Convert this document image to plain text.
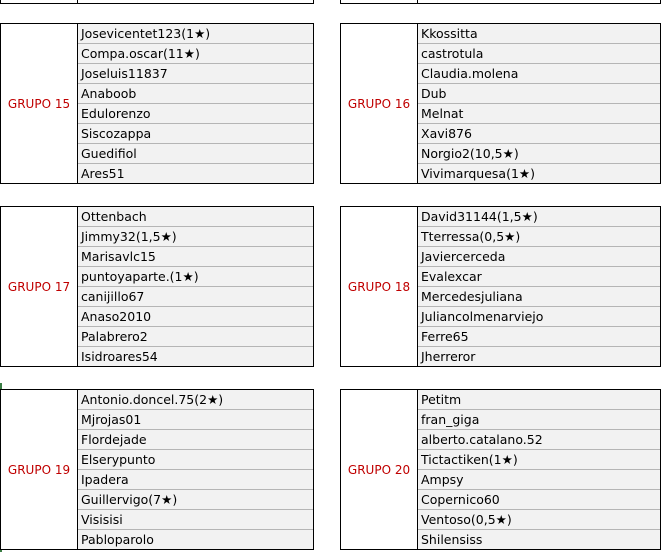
GRUPO 15
Josevicentet123(1★)
Compa.oscar(11★)
Joseluis11837
Anaboob
Edulorenzo
Siscozappa
Guedifiol
Ares51
GRUPO 16
Kkossitta
castrotula
Claudia.molena
Dub
Melnat
Xavi876
Norgio2(10,5★)
Vivimarquesa(1★)
GRUPO 17
Ottenbach
Jimmy32(1,5★)
Marisavlc15
puntoyaparte.(1★)
canijillo67
Anaso2010
Palabrero2
Isidroares54
GRUPO 18
David31144(1,5★)
Tterressa(0,5★)
Javiercerceda
Evalexcar
Mercedesjuliana
Juliancolmenarviejo
Ferre65
Jherreror
GRUPO 19
Antonio.doncel.75(2★)
Mjrojas01
Flordejade
Elserypunto
Ipadera
Guillervigo(7★)
Visisisi
Pabloparolo
GRUPO 20
Petitm
fran_giga
alberto.catalano.52
Tictactiken(1★)
Ampsy
Copernico60
Ventoso(0,5★)
Shilensiss
